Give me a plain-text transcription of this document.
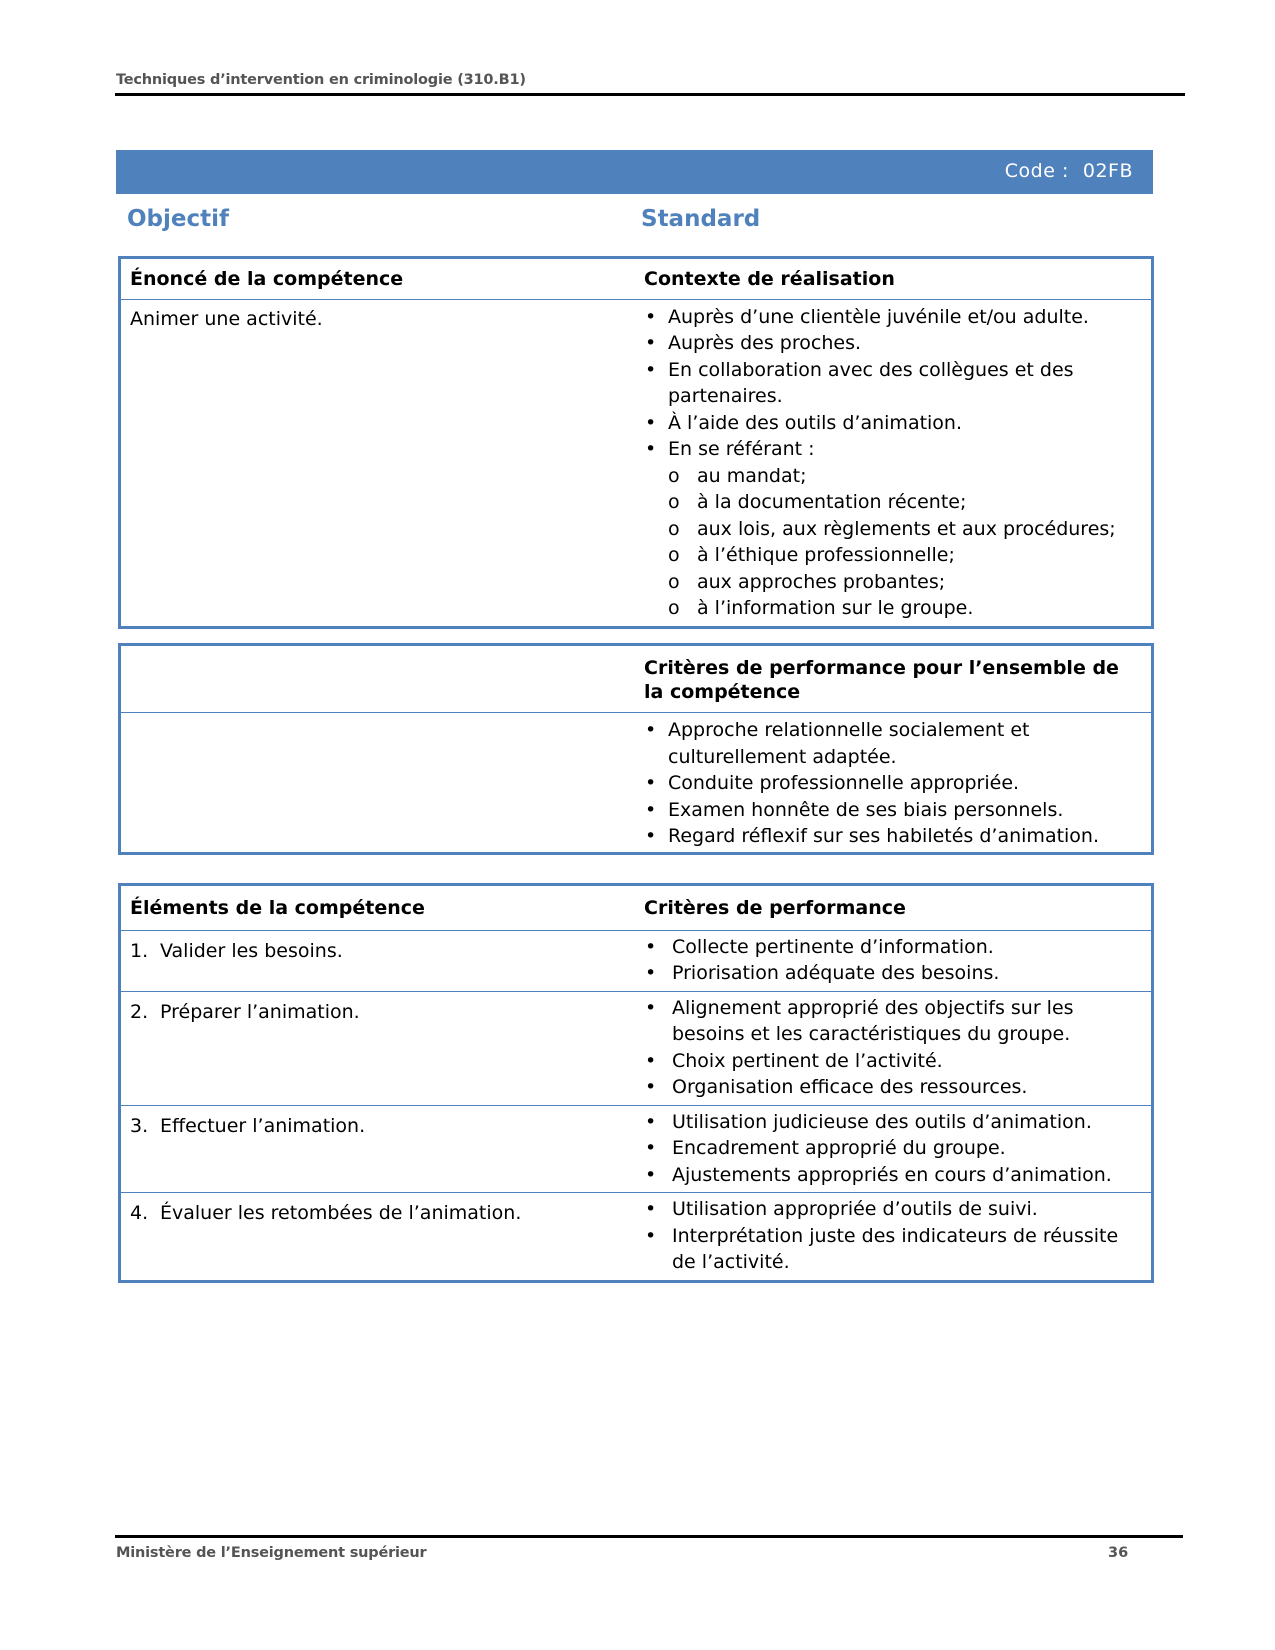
Techniques d’intervention en criminologie (310.B1)
Code : 02FB
Objectif	Standard
Énoncé de la compétence	Contexte de réalisation
Animer une activité.	
•Auprès d’une clientèle juvénile et/ou adulte.
• Auprès des proches.
• En collaboration avec des collègues et des partenaires.
• À l’aide des outils d’animation.
• En se référant :
o au mandat;
o à la documentation récente;
o aux lois, aux règlements et aux procédures;
o à l’éthique professionnelle;
o aux approches probantes;
o à l’information sur le groupe.
	Critères de performance pour l’ensemble de la compétence

• Approche relationnelle socialement et culturellement adaptée.
• Conduite professionnelle appropriée.
• Examen honnête de ses biais personnels.
• Regard réflexif sur ses habiletés d’animation.
Éléments de la compétence	Critères de performance
1. Valider les besoins.	
•Collecte pertinente d’information.
• Priorisation adéquate des besoins.

2. Préparer l’animation.	
•Alignement approprié des objectifs sur les besoins et les caractéristiques du groupe.
• Choix pertinent de l’activité.
• Organisation efficace des ressources.

3. Effectuer l’animation.	
•Utilisation judicieuse des outils d’animation.
• Encadrement approprié du groupe.
• Ajustements appropriés en cours d’animation.

4. Évaluer les retombées de l’animation.	
•Utilisation appropriée d’outils de suivi.
• Interprétation juste des indicateurs de réussite de l’activité.
Ministère de l’Enseignement supérieur	36
